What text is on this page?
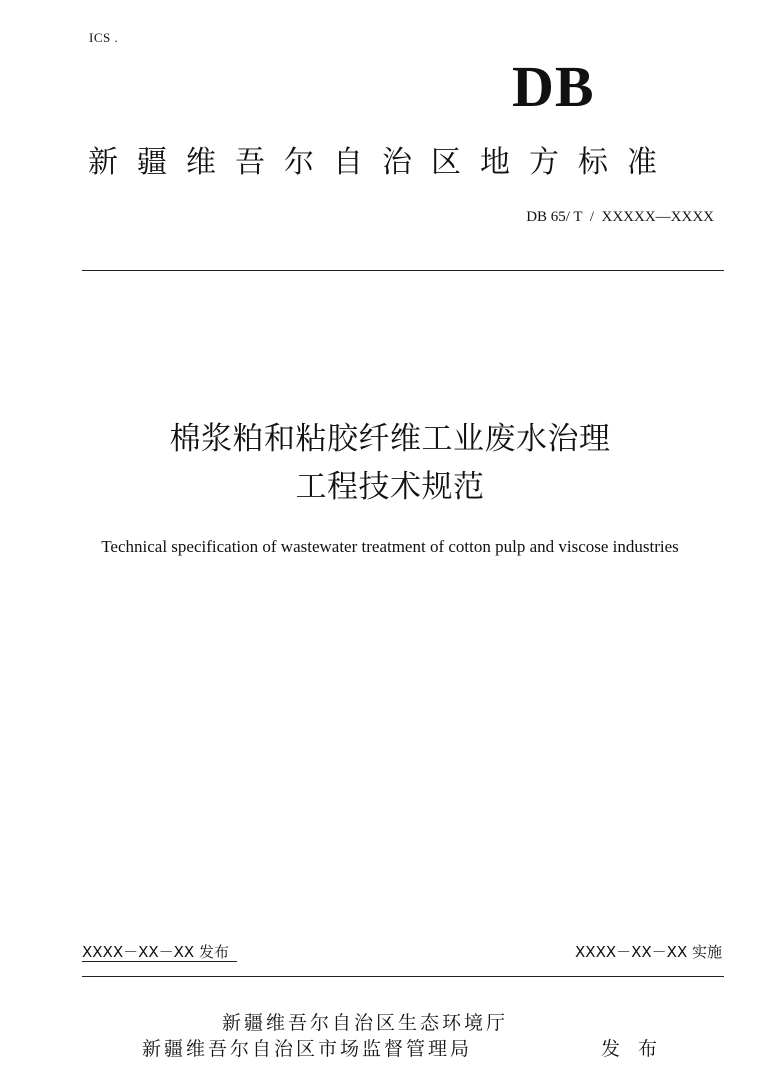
ICS .
DB
新疆维吾尔自治区地方标准
DB 65/ T  /  XXXXX—XXXX
棉浆粕和粘胶纤维工业废水治理
工程技术规范
Technical specification of wastewater treatment of cotton pulp and viscose industries
XXXX－XX－XX 发布	XXXX－XX－XX 实施
新疆维吾尔自治区生态环境厅
新疆维吾尔自治区市场监督管理局	发 布
